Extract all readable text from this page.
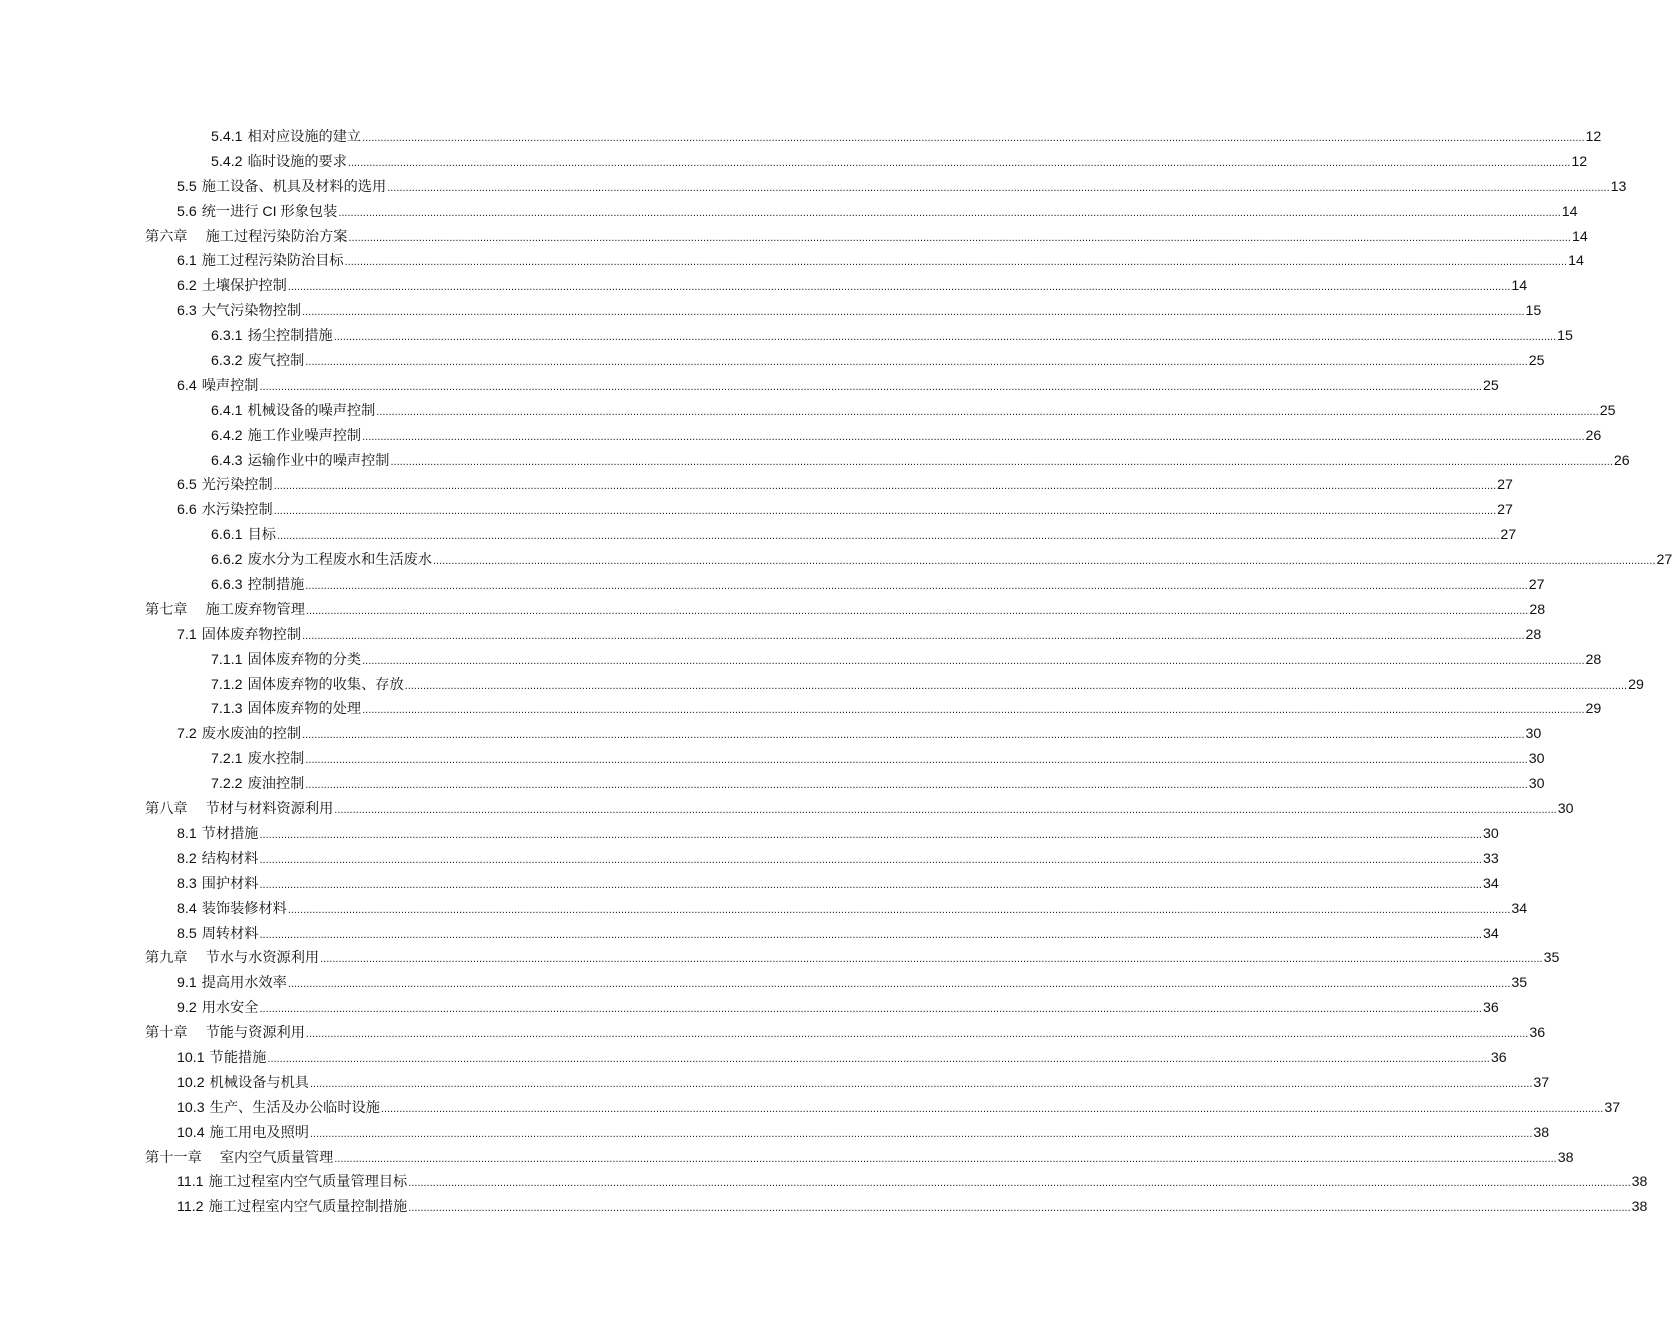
5.4.1 相对应设施的建立 ................................................................................................................................................................................................................................................................................................................................................................................................................ 12
5.4.2 临时设施的要求 ................................................................................................................................................................................................................................................................................................................................................................................................................ 12
5.5 施工设备、机具及材料的选用 ................................................................................................................................................................................................................................................................................................................................................................................................................ 13
5.6 统一进行 CI 形象包装 ................................................................................................................................................................................................................................................................................................................................................................................................................ 14
第六章	施工过程污染防治方案 ................................................................................................................................................................................................................................................................................................................................................................................................................ 14
6.1 施工过程污染防治目标 ................................................................................................................................................................................................................................................................................................................................................................................................................ 14
6.2 土壤保护控制 ................................................................................................................................................................................................................................................................................................................................................................................................................ 14
6.3 大气污染物控制 ................................................................................................................................................................................................................................................................................................................................................................................................................ 15
6.3.1 扬尘控制措施 ................................................................................................................................................................................................................................................................................................................................................................................................................ 15
6.3.2 废气控制 ................................................................................................................................................................................................................................................................................................................................................................................................................ 25
6.4 噪声控制 ................................................................................................................................................................................................................................................................................................................................................................................................................ 25
6.4.1 机械设备的噪声控制 ................................................................................................................................................................................................................................................................................................................................................................................................................ 25
6.4.2 施工作业噪声控制 ................................................................................................................................................................................................................................................................................................................................................................................................................ 26
6.4.3 运输作业中的噪声控制 ................................................................................................................................................................................................................................................................................................................................................................................................................ 26
6.5 光污染控制 ................................................................................................................................................................................................................................................................................................................................................................................................................ 27
6.6 水污染控制 ................................................................................................................................................................................................................................................................................................................................................................................................................ 27
6.6.1 目标 ................................................................................................................................................................................................................................................................................................................................................................................................................ 27
6.6.2 废水分为工程废水和生活废水 ................................................................................................................................................................................................................................................................................................................................................................................................................ 27
6.6.3 控制措施 ................................................................................................................................................................................................................................................................................................................................................................................................................ 27
第七章	施工废弃物管理 ................................................................................................................................................................................................................................................................................................................................................................................................................ 28
7.1 固体废弃物控制 ................................................................................................................................................................................................................................................................................................................................................................................................................ 28
7.1.1 固体废弃物的分类 ................................................................................................................................................................................................................................................................................................................................................................................................................ 28
7.1.2 固体废弃物的收集、存放 ................................................................................................................................................................................................................................................................................................................................................................................................................ 29
7.1.3 固体废弃物的处理 ................................................................................................................................................................................................................................................................................................................................................................................................................ 29
7.2 废水废油的控制 ................................................................................................................................................................................................................................................................................................................................................................................................................ 30
7.2.1 废水控制 ................................................................................................................................................................................................................................................................................................................................................................................................................ 30
7.2.2 废油控制 ................................................................................................................................................................................................................................................................................................................................................................................................................ 30
第八章	节材与材料资源利用 ................................................................................................................................................................................................................................................................................................................................................................................................................ 30
8.1 节材措施 ................................................................................................................................................................................................................................................................................................................................................................................................................ 30
8.2 结构材料 ................................................................................................................................................................................................................................................................................................................................................................................................................ 33
8.3 围护材料 ................................................................................................................................................................................................................................................................................................................................................................................................................ 34
8.4 装饰装修材料 ................................................................................................................................................................................................................................................................................................................................................................................................................ 34
8.5 周转材料 ................................................................................................................................................................................................................................................................................................................................................................................................................ 34
第九章	节水与水资源利用 ................................................................................................................................................................................................................................................................................................................................................................................................................ 35
9.1 提高用水效率 ................................................................................................................................................................................................................................................................................................................................................................................................................ 35
9.2 用水安全 ................................................................................................................................................................................................................................................................................................................................................................................................................ 36
第十章	节能与资源利用 ................................................................................................................................................................................................................................................................................................................................................................................................................ 36
10.1 节能措施 ................................................................................................................................................................................................................................................................................................................................................................................................................ 36
10.2 机械设备与机具 ................................................................................................................................................................................................................................................................................................................................................................................................................ 37
10.3 生产、生活及办公临时设施 ................................................................................................................................................................................................................................................................................................................................................................................................................ 37
10.4 施工用电及照明 ................................................................................................................................................................................................................................................................................................................................................................................................................ 38
第十一章	室内空气质量管理 ................................................................................................................................................................................................................................................................................................................................................................................................................ 38
11.1 施工过程室内空气质量管理目标 ................................................................................................................................................................................................................................................................................................................................................................................................................ 38
11.2 施工过程室内空气质量控制措施 ................................................................................................................................................................................................................................................................................................................................................................................................................ 38
